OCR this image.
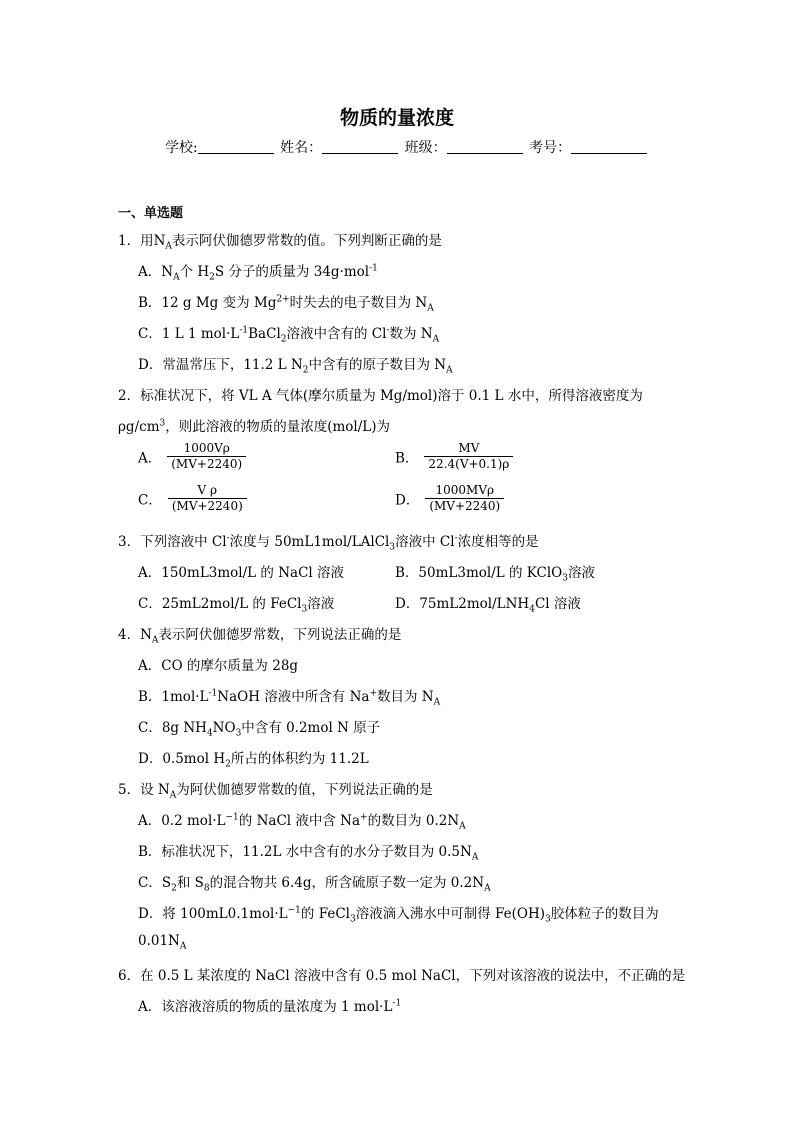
物质的量浓度
学校:	姓名：	班级：	考号：
一、单选题
1．用$N_A$表示阿伏伽德罗常数的值。下列判断正确的是
A．$N_A$个 $H_2S$ 分子的质量为 34g·mol$^{-1}$
B．12 g Mg 变为 $Mg^{2+}$时失去的电子数目为 $N_A$
C．1 L 1 $mol\cdot L^{-1}BaCl_2$溶液中含有的 Cl-数为 $N_A$
D．常温常压下，11.2 L $N_2$中含有的原子数目为 $N_A$
2．标准状况下，将 VL A 气体(摩尔质量为 Mg/mol)溶于 0.1 L 水中，所得溶液密度为
$\rho g/cm^3$，则此溶液的物质的量浓度(mol/L)为
A． $\frac{1000V\rho}{(MV+2240)}$	B． $\frac{MV}{22.4(V+0.1)\rho}$
C． $\frac{\text{V ρ}}{(MV+2240)}$	D． $\frac{\text{1000MVρ}}{(MV+2240)}$
3．下列溶液中 Cl-浓度与 50mL1mol/LAlCl$_3$溶液中 Cl-浓度相等的是
A．150mL3mol/L 的 NaCl 溶液	B．50mL3mol/L 的 KClO$_3$溶液
C．25mL2mol/L 的 FeCl$_3$溶液	D．$75mL2mol/LNH_4Cl$ 溶液
4．$N_A$表示阿伏伽德罗常数，下列说法正确的是
A．CO 的摩尔质量为 28g
B．$1mol\cdot L^{-1}NaOH$ 溶液中所含有 Na+数目为 $N_A$
C．8g $NH_4NO_3$中含有 0.2mol N 原子
D．0.5mol $H_2$所占的体积约为 11.2L
5．设 $N_A$为阿伏伽德罗常数的值，下列说法正确的是
A．0.2 $mol\cdot L^{-1}$的 NaCl 液中含 Na+的数目为 $0.2N_A$
B．标准状况下，11.2L 水中含有的水分子数目为 $0.5N_A$
C．$S_2$和 $S_8$的混合物共 6.4g，所含硫原子数一定为 $0.2N_A$
D．将 $100mL0.1mol\cdot L^{-1}$的 FeCl$_3$溶液滴入沸水中可制得 $Fe(OH)_3$胶体粒子的数目为
$0.01N_A$
6．在 0.5 L 某浓度的 NaCl 溶液中含有 0.5 mol NaCl，下列对该溶液的说法中，不正确的是
A．该溶液溶质的物质的量浓度为 1 $mol\cdot L^{-1}$
